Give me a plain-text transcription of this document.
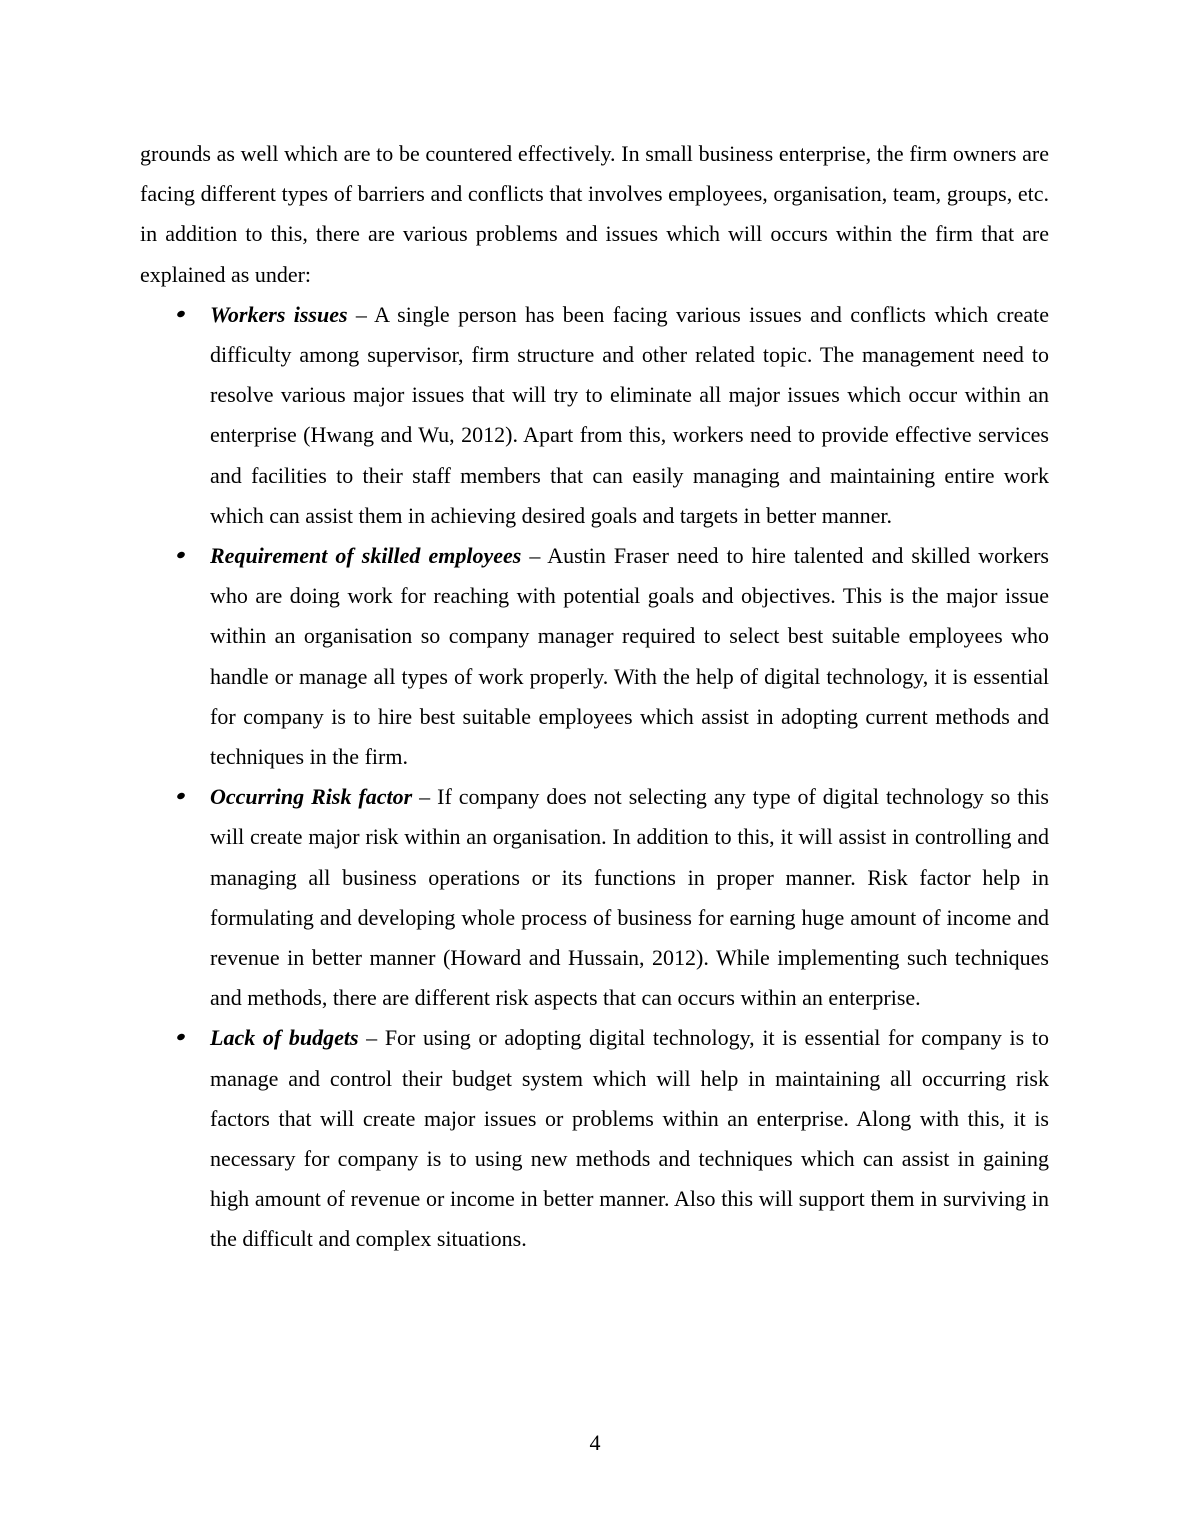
grounds as well which are to be countered effectively. In small business enterprise, the firm owners are facing different types of barriers and conflicts that involves employees, organisation, team, groups, etc. in addition to this, there are various problems and issues which will occurs within the firm that are explained as under:

Workers issues – A single person has been facing various issues and conflicts which create difficulty among supervisor, firm structure and other related topic. The management need to resolve various major issues that will try to eliminate all major issues which occur within an enterprise (Hwang and Wu, 2012). Apart from this, workers need to provide effective services and facilities to their staff members that can easily managing and maintaining entire work which can assist them in achieving desired goals and targets in better manner.
Requirement of skilled employees – Austin Fraser need to hire talented and skilled workers who are doing work for reaching with potential goals and objectives. This is the major issue within an organisation so company manager required to select best suitable employees who handle or manage all types of work properly. With the help of digital technology, it is essential for company is to hire best suitable employees which assist in adopting current methods and techniques in the firm.
Occurring Risk factor – If company does not selecting any type of digital technology so this will create major risk within an organisation. In addition to this, it will assist in controlling and managing all business operations or its functions in proper manner. Risk factor help in formulating and developing whole process of business for earning huge amount of income and revenue in better manner (Howard and Hussain, 2012). While implementing such techniques and methods, there are different risk aspects that can occurs within an enterprise.
Lack of budgets – For using or adopting digital technology, it is essential for company is to manage and control their budget system which will help in maintaining all occurring risk factors that will create major issues or problems within an enterprise. Along with this, it is necessary for company is to using new methods and techniques which can assist in gaining high amount of revenue or income in better manner. Also this will support them in surviving in the difficult and complex situations.
4
